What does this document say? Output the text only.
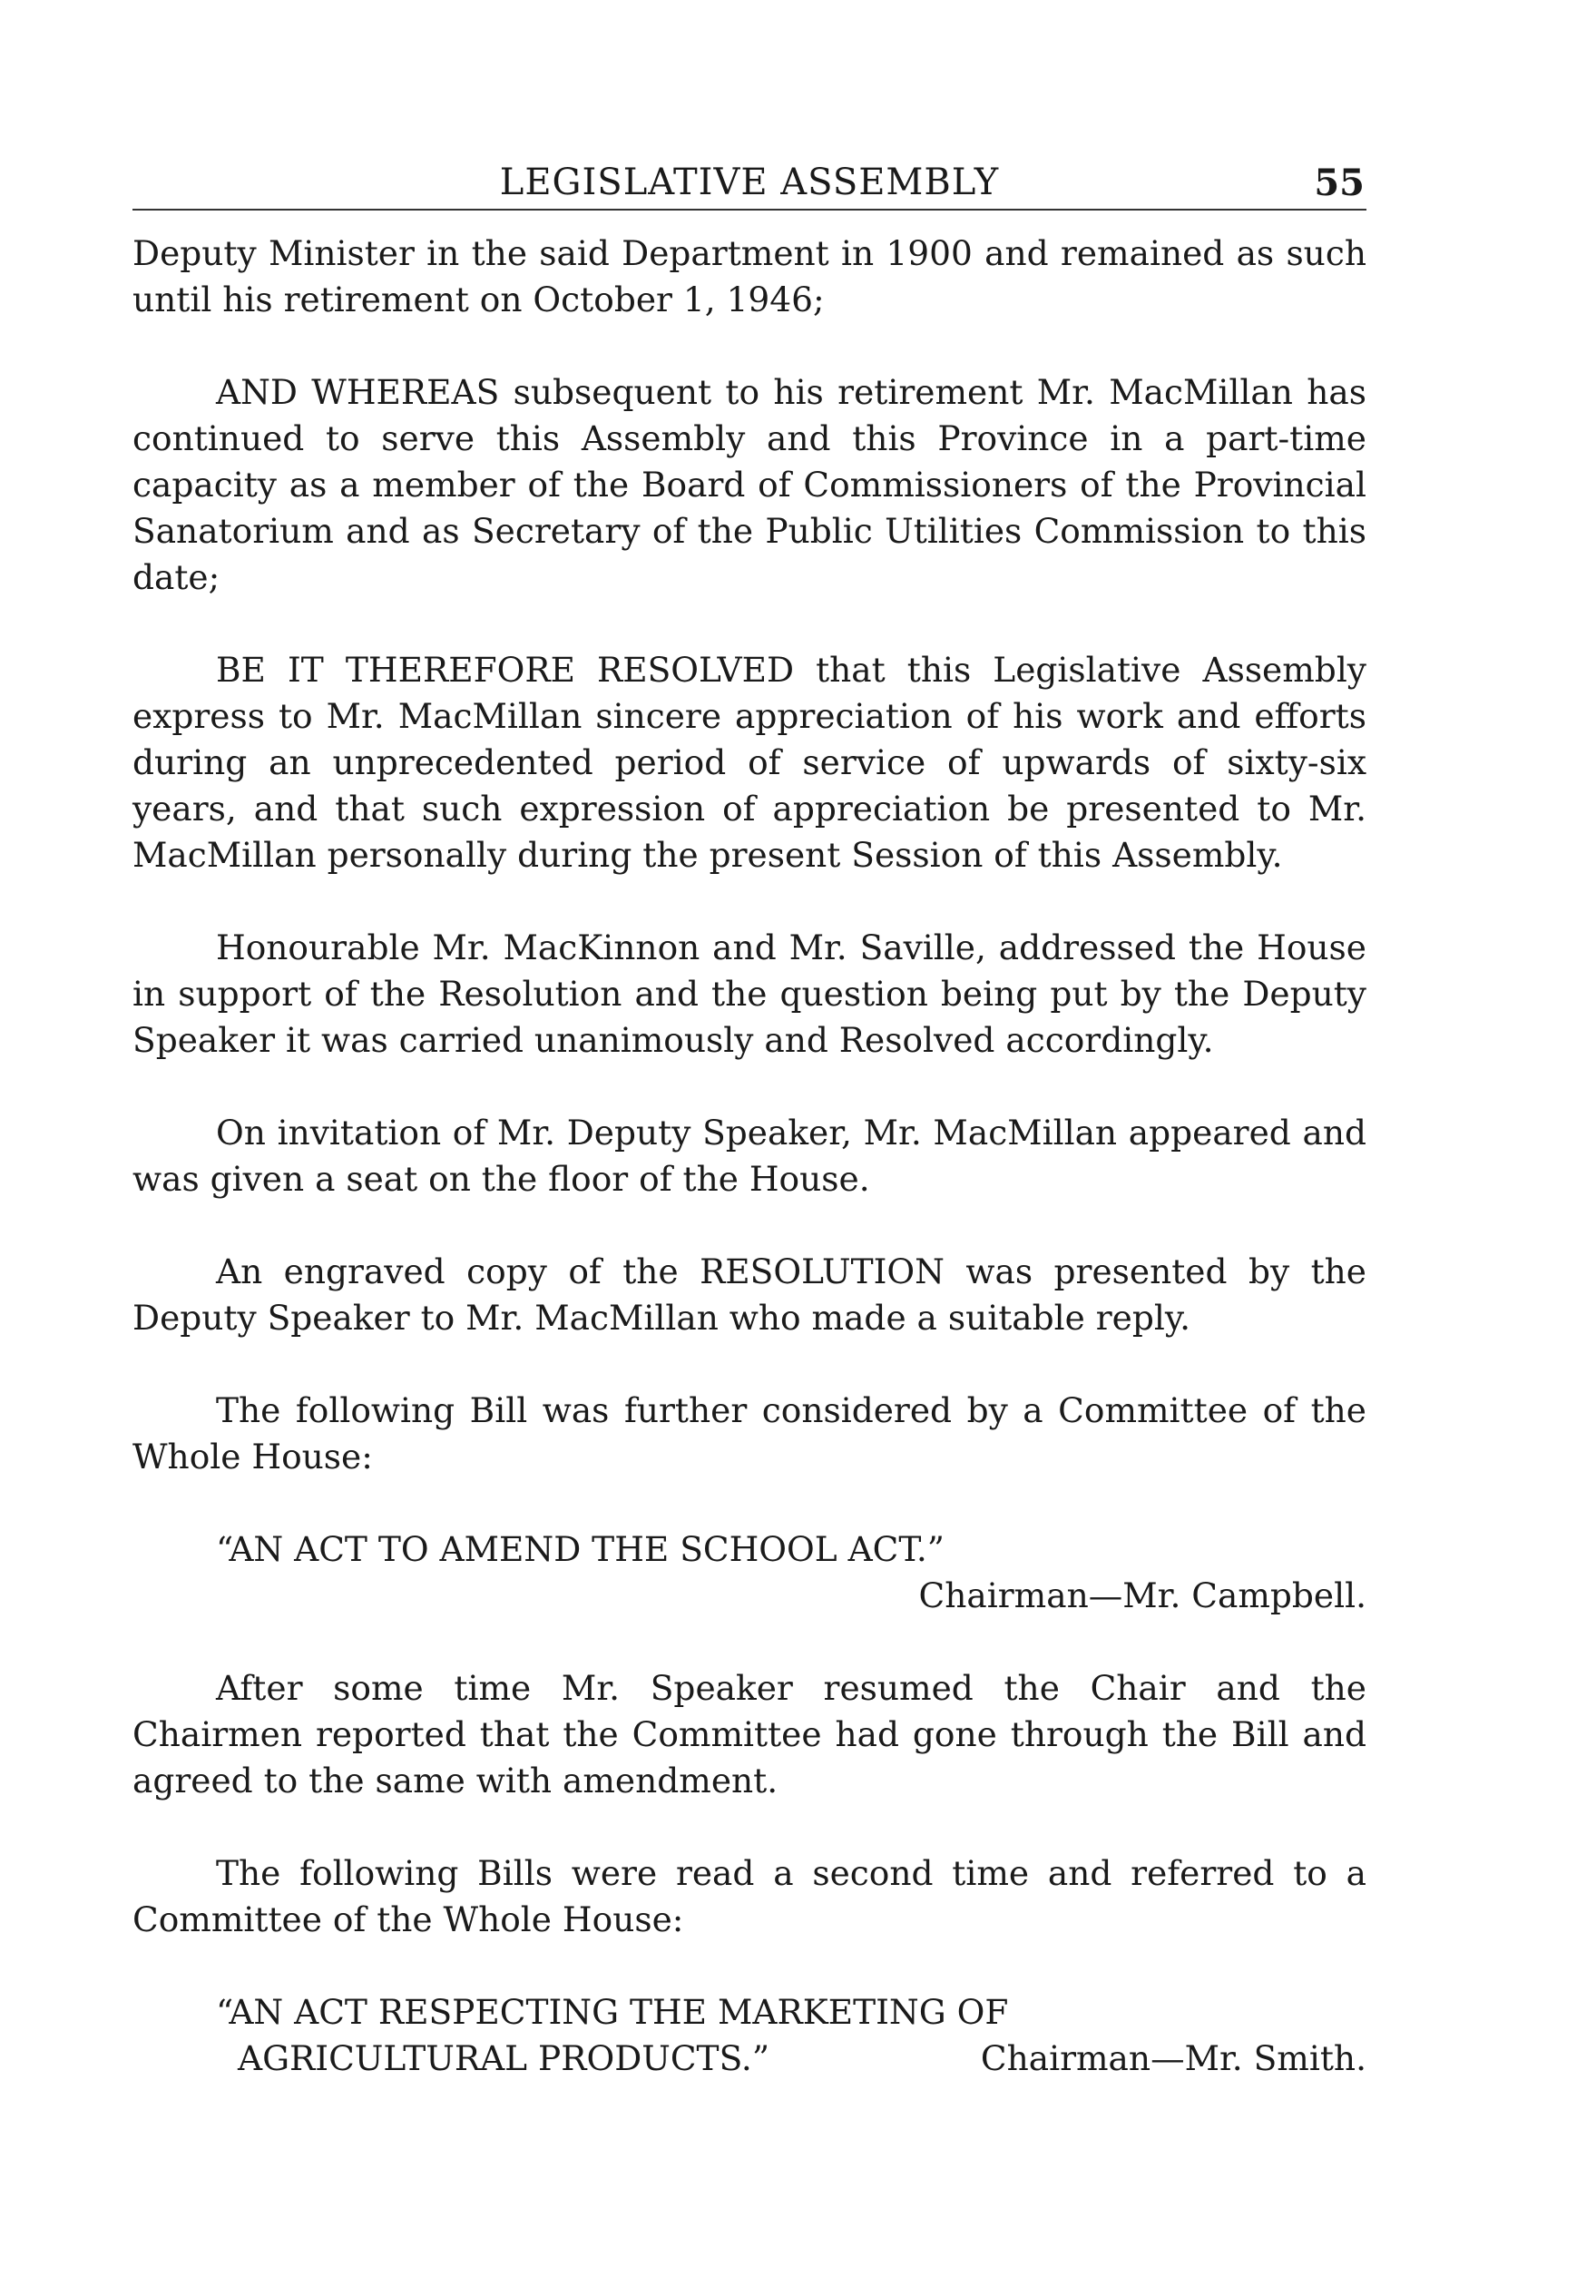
LEGISLATIVE ASSEMBLY	55

Deputy Minister in the said Department in 1900 and remained as such until his retirement on October 1, 1946;

AND WHEREAS subsequent to his retirement Mr. MacMillan has continued to serve this Assembly and this Province in a part-time capacity as a member of the Board of Commissioners of the Provincial Sanatorium and as Secretary of the Public Utilities Commission to this date;

BE IT THEREFORE RESOLVED that this Legislative Assembly express to Mr. MacMillan sincere appreciation of his work and efforts during an unprecedented period of service of upwards of sixty-six years, and that such expression of appreciation be presented to Mr. MacMillan personally during the present Session of this Assembly.

Honourable Mr. MacKinnon and Mr. Saville, addressed the House in support of the Resolution and the question being put by the Deputy Speaker it was carried unanimously and Resolved accordingly.

On invitation of Mr. Deputy Speaker, Mr. MacMillan appeared and was given a seat on the floor of the House.

An engraved copy of the RESOLUTION was presented by the Deputy Speaker to Mr. MacMillan who made a suitable reply.

The following Bill was further considered by a Committee of the Whole House:

“AN ACT TO AMEND THE SCHOOL ACT.”

Chairman—Mr. Campbell.

After some time Mr. Speaker resumed the Chair and the Chairmen reported that the Committee had gone through the Bill and agreed to the same with amendment.

The following Bills were read a second time and referred to a Committee of the Whole House:

“AN ACT RESPECTING THE MARKETING OF
AGRICULTURAL PRODUCTS.”	Chairman—Mr. Smith.
